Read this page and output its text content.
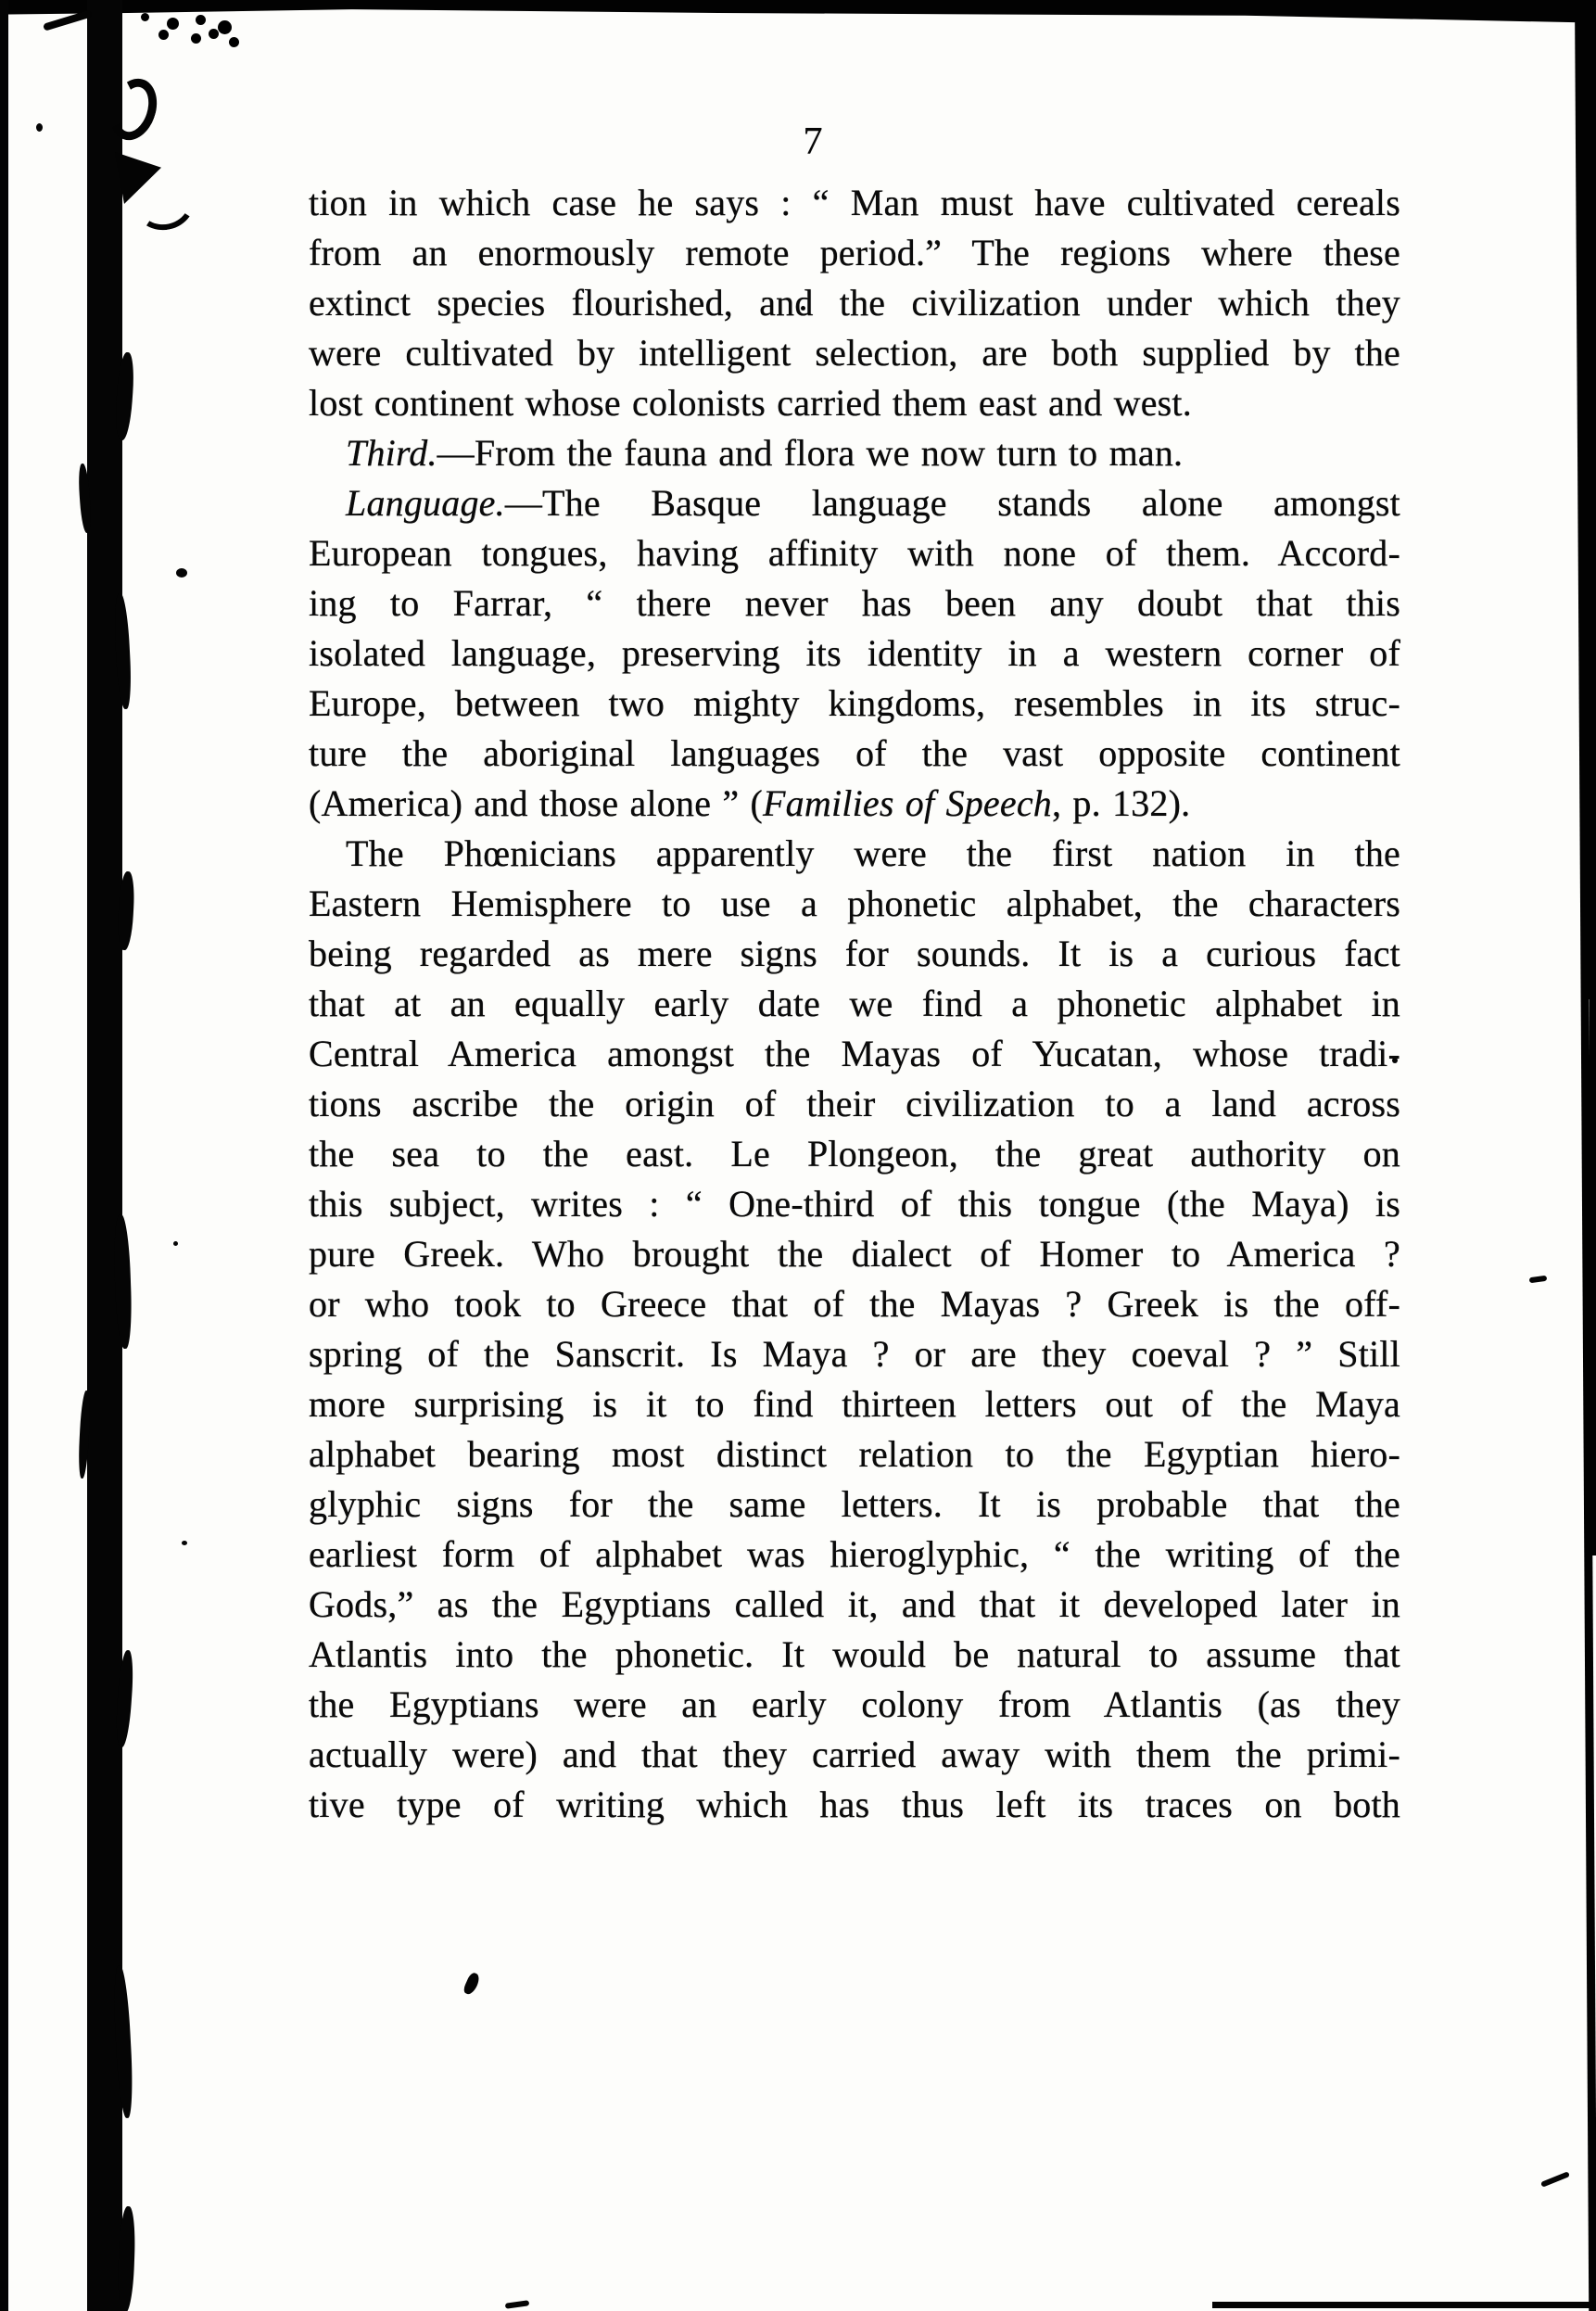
7
tion in which case he says : “ Man must have cultivated cereals
from an enormously remote period.” The regions where these
extinct species flourished, and the civilization under which they
were cultivated by intelligent selection, are both supplied by the
lost continent whose colonists carried them east and west.
Third.—From the fauna and flora we now turn to man.
Language.—The Basque language stands alone amongst
European tongues, having affinity with none of them. Accord-
ing to Farrar, “ there never has been any doubt that this
isolated language, preserving its identity in a western corner of
Europe, between two mighty kingdoms, resembles in its struc-
ture the aboriginal languages of the vast opposite continent
(America) and those alone ” (Families of Speech, p. 132).
The Phœnicians apparently were the first nation in the
Eastern Hemisphere to use a phonetic alphabet, the characters
being regarded as mere signs for sounds. It is a curious fact
that at an equally early date we find a phonetic alphabet in
Central America amongst the Mayas of Yucatan, whose tradi-
tions ascribe the origin of their civilization to a land across
the sea to the east. Le Plongeon, the great authority on
this subject, writes : “ One-third of this tongue (the Maya) is
pure Greek. Who brought the dialect of Homer to America ?
or who took to Greece that of the Mayas ? Greek is the off-
spring of the Sanscrit. Is Maya ? or are they coeval ? ” Still
more surprising is it to find thirteen letters out of the Maya
alphabet bearing most distinct relation to the Egyptian hiero-
glyphic signs for the same letters. It is probable that the
earliest form of alphabet was hieroglyphic, “ the writing of the
Gods,” as the Egyptians called it, and that it developed later in
Atlantis into the phonetic. It would be natural to assume that
the Egyptians were an early colony from Atlantis (as they
actually were) and that they carried away with them the primi-
tive type of writing which has thus left its traces on both
